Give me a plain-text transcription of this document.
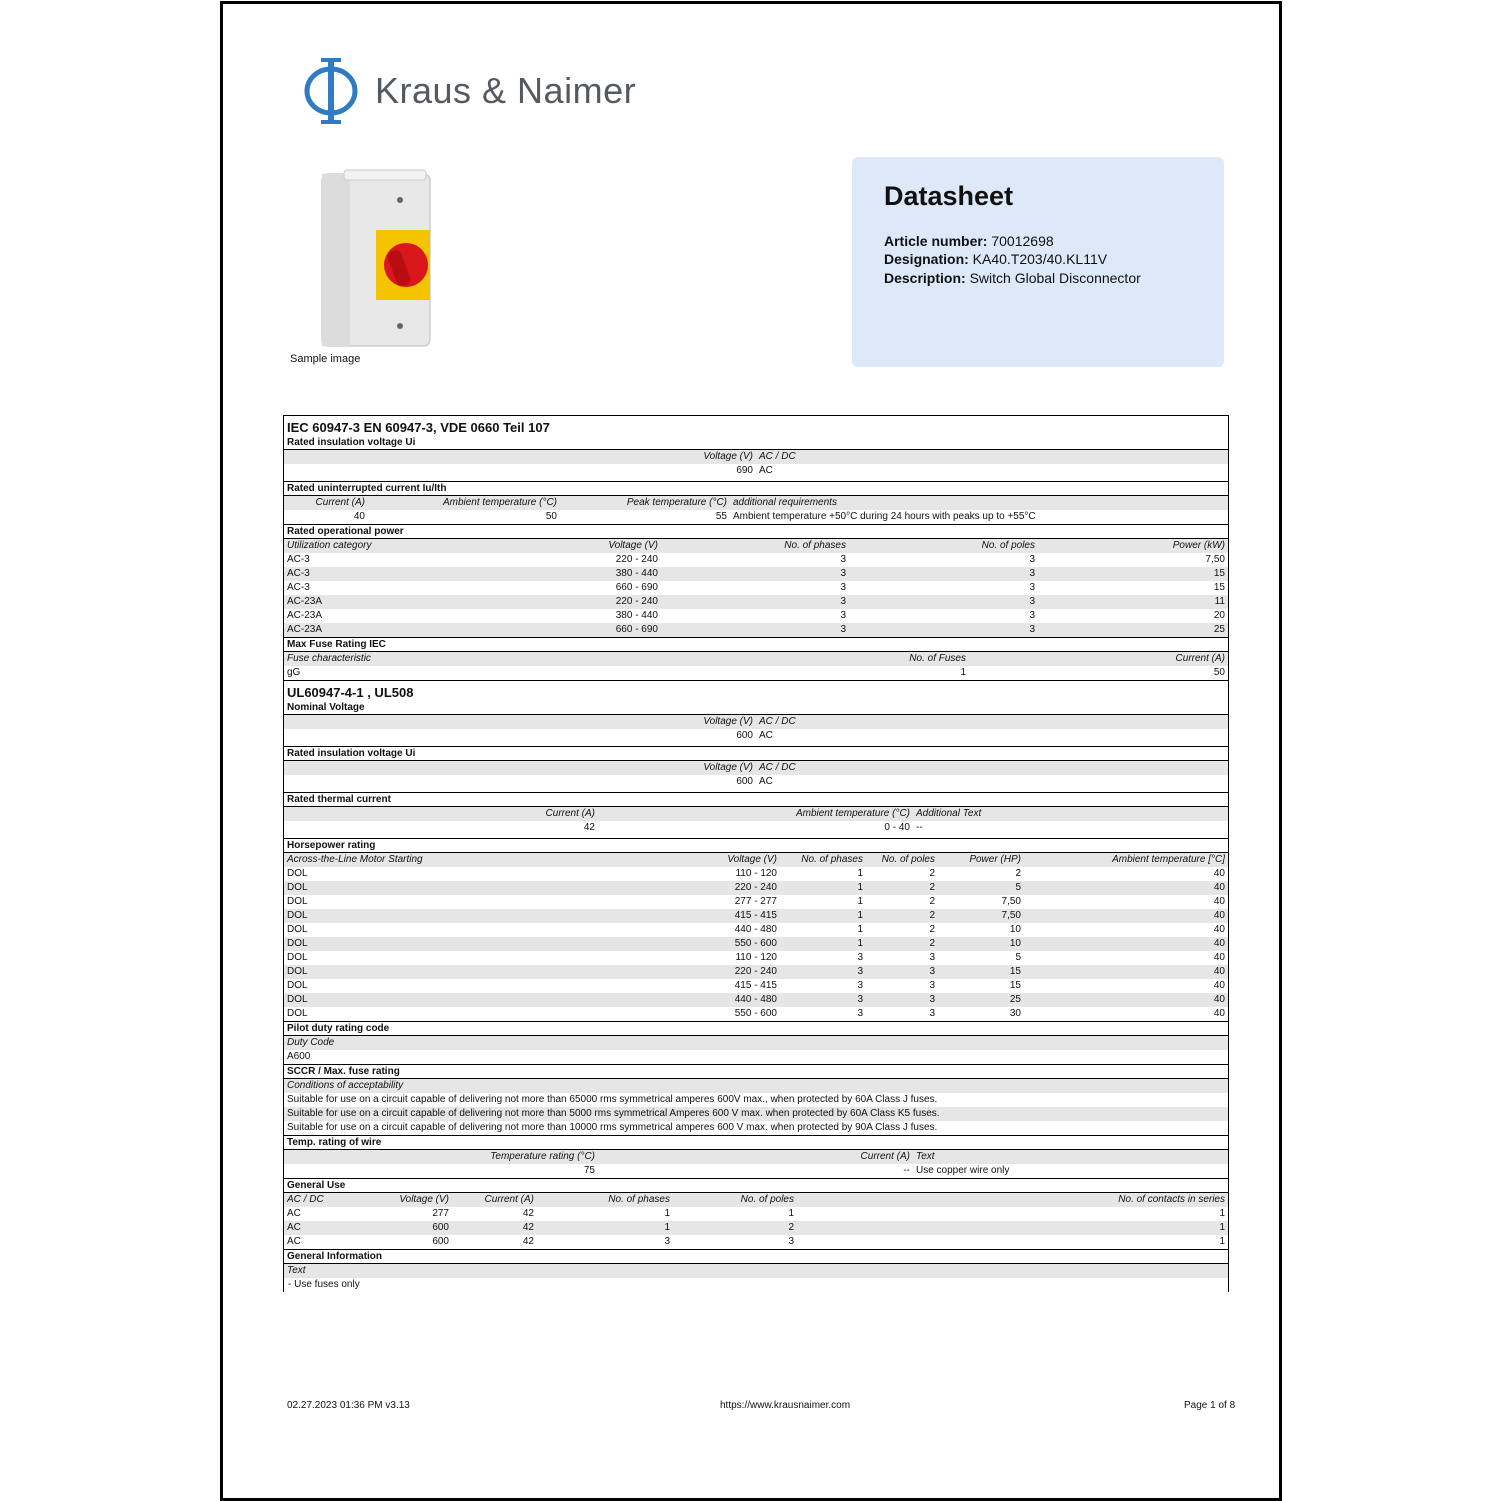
Kraus & Naimer
Sample image
Datasheet
Article number: 70012698
Designation: KA40.T203/40.KL11V
Description: Switch Global Disconnector
IEC 60947-3 EN 60947-3, VDE 0660 Teil 107
Rated insulation voltage Ui
Voltage (V) AC / DC
690 AC
Rated uninterrupted current Iu/Ith
Current (A)	Ambient temperature (°C)	Peak temperature (°C) additional requirements
40	50	55 Ambient temperature +50°C during 24 hours with peaks up to +55°C
Rated operational power
Utilization category	Voltage (V)	No. of phases	No. of poles	Power (kW)
AC-3	220 - 240	3	3	7,50
AC-3	380 - 440	3	3	15
AC-3	660 - 690	3	3	15
AC-23A	220 - 240	3	3	11
AC-23A	380 - 440	3	3	20
AC-23A	660 - 690	3	3	25
Max Fuse Rating IEC
Fuse characteristic	No. of Fuses	Current (A)
gG	1	50
UL60947-4-1 , UL508
Nominal Voltage
Voltage (V) AC / DC
600 AC
Rated insulation voltage Ui
Voltage (V) AC / DC
600 AC
Rated thermal current
Current (A)	Ambient temperature (°C) Additional Text
42	0 - 40 --
Horsepower rating
Across-the-Line Motor Starting	Voltage (V)	No. of phases	No. of poles	Power (HP)	Ambient temperature [°C]
DOL	110 - 120	1	2	2	40
DOL	220 - 240	1	2	5	40
DOL	277 - 277	1	2	7,50	40
DOL	415 - 415	1	2	7,50	40
DOL	440 - 480	1	2	10	40
DOL	550 - 600	1	2	10	40
DOL	110 - 120	3	3	5	40
DOL	220 - 240	3	3	15	40
DOL	415 - 415	3	3	15	40
DOL	440 - 480	3	3	25	40
DOL	550 - 600	3	3	30	40
Pilot duty rating code
Duty Code
A600
SCCR / Max. fuse rating
Conditions of acceptability
Suitable for use on a circuit capable of delivering not more than 65000 rms symmetrical amperes 600V max., when protected by 60A Class J fuses.
Suitable for use on a circuit capable of delivering not more than 5000 rms symmetrical Amperes 600 V max. when protected by 60A Class K5 fuses.
Suitable for use on a circuit capable of delivering not more than 10000 rms symmetrical amperes 600 V max. when protected by 90A Class J fuses.
Temp. rating of wire
Temperature rating (°C)	Current (A) Text
75	-- Use copper wire only
General Use
AC / DC	Voltage (V)	Current (A)	No. of phases	No. of poles	No. of contacts in series
AC	277	42	1	1	1
AC	600	42	1	2	1
AC	600	42	3	3	1
General Information
Text
- Use fuses only
02.27.2023 01:36 PM v3.13	https://www.krausnaimer.com	Page 1 of 8
